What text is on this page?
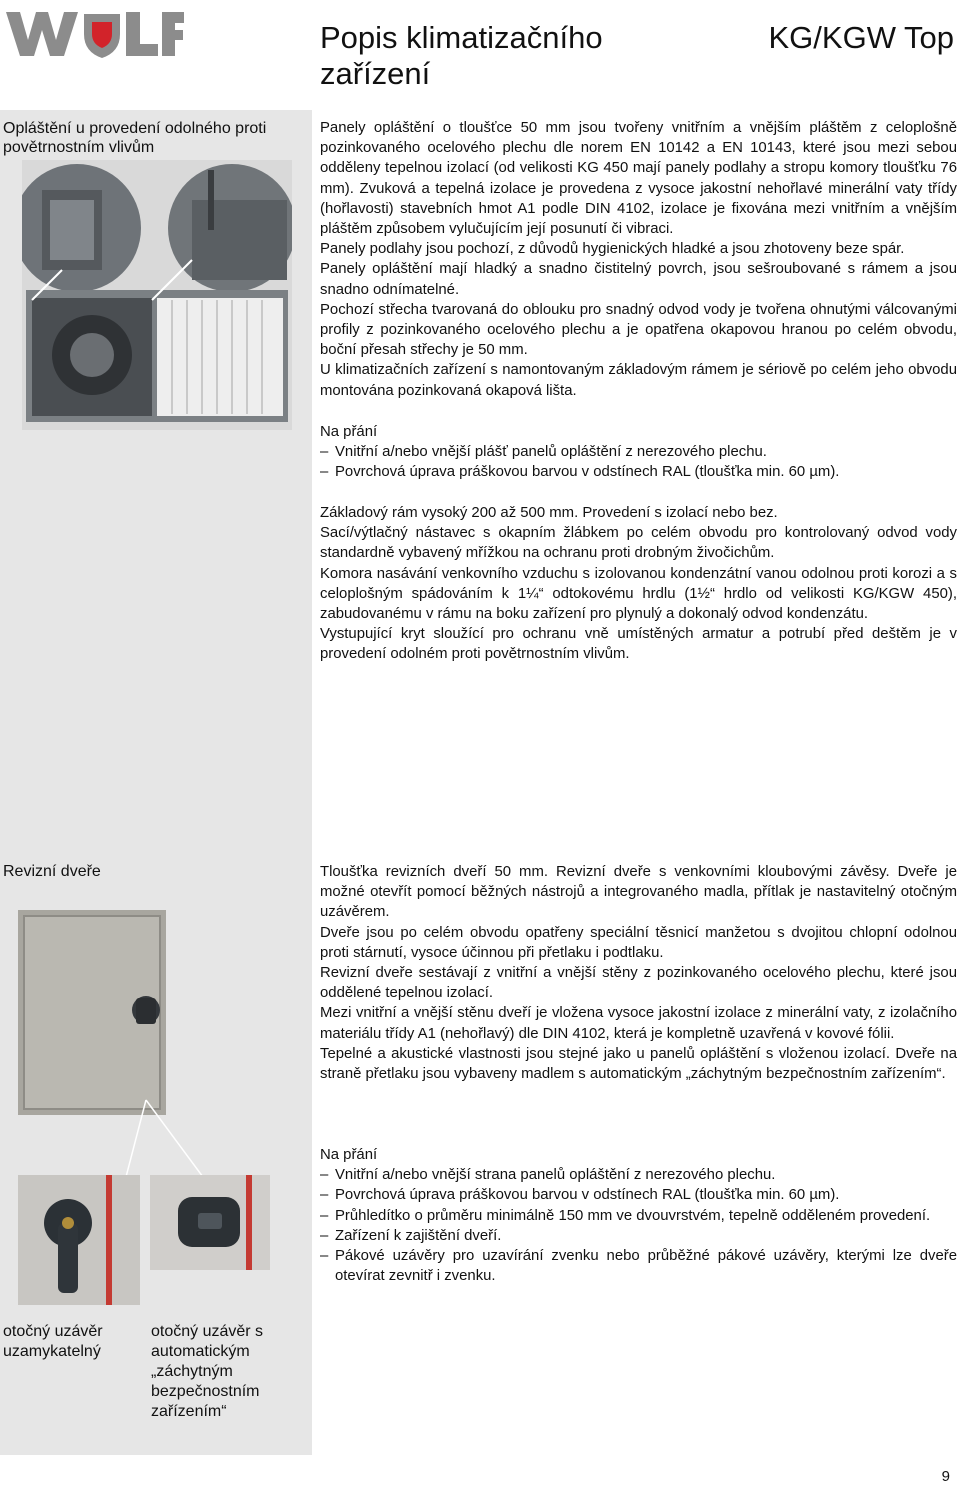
Popis klimatizačního zařízení
KG/KGW Top
Opláštění u provedení odolného proti povětrnostním vlivům
Revizní dveře
otočný uzávěr uzamykatelný
otočný uzávěr s automatickým „záchytným bezpečnostním zařízením“

Panely opláštění o tloušťce 50 mm jsou tvořeny vnitřním a vnějším pláštěm z celoplošně pozinkovaného ocelového plechu dle norem EN 10142 a EN 10143, které jsou mezi sebou odděleny tepelnou izolací (od velikosti KG 450 mají panely podlahy a stropu komory tloušťku 76 mm). Zvuková a tepelná izolace je provedena z vysoce jakostní nehořlavé minerální vaty třídy (hořlavosti) stavebních hmot A1 podle DIN 4102, izolace je fixována mezi vnitřním a vnějším pláštěm způsobem vylučujícím její posunutí či vibraci.

Panely podlahy jsou pochozí, z důvodů hygienických hladké a jsou zhotoveny beze spár.

Panely opláštění mají hladký a snadno čistitelný povrch, jsou sešroubované s rámem a jsou snadno odnímatelné.

Pochozí střecha tvarovaná do oblouku pro snadný odvod vody je tvořena ohnutými válcovanými profily z pozinkovaného ocelového plechu a je opatřena okapovou hranou po celém obvodu, boční přesah střechy je 50 mm.

U klimatizačních zařízení s namontovaným základovým rámem je sériově po celém jeho obvodu montována pozinkovaná okapová lišta.

Na přání
– Vnitřní a/nebo vnější plášť panelů opláštění z nerezového plechu.
– Povrchová úprava práškovou barvou v odstínech RAL (tloušťka min. 60 µm).

Základový rám vysoký 200 až 500 mm. Provedení s izolací nebo bez.

Sací/výtlačný nástavec s okapním žlábkem po celém obvodu pro kontrolovaný odvod vody standardně vybavený mřížkou na ochranu proti drobným živočichům.

Komora nasávání venkovního vzduchu s izolovanou kondenzátní vanou odolnou proti korozi a s celoplošným spádováním k 1¼“ odtokovému hrdlu (1½“ hrdlo od velikosti KG/KGW 450), zabudovanému v rámu na boku zařízení pro plynulý a dokonalý odvod kondenzátu.

Vystupující kryt sloužící pro ochranu vně umístěných armatur a potrubí před deštěm je v provedení odolném proti povětrnostním vlivům.

Tloušťka revizních dveří 50 mm. Revizní dveře s venkovními kloubovými závěsy. Dveře je možné otevřít pomocí běžných nástrojů a integrovaného madla, přítlak je nastavitelný otočným uzávěrem.

Dveře jsou po celém obvodu opatřeny speciální těsnicí manžetou s dvojitou chlopní odolnou proti stárnutí, vysoce účinnou při přetlaku i podtlaku.

Revizní dveře sestávají z vnitřní a vnější stěny z pozinkovaného ocelového plechu, které jsou oddělené tepelnou izolací.

Mezi vnitřní a vnější stěnu dveří je vložena vysoce jakostní izolace z minerální vaty, z izolačního materiálu třídy A1 (nehořlavý) dle DIN 4102, která je kompletně uzavřená v kovové fólii.

Tepelné a akustické vlastnosti jsou stejné jako u panelů opláštění s vloženou izolací. Dveře na straně přetlaku jsou vybaveny madlem s automatickým „záchytným bezpečnostním zařízením“.

Na přání
– Vnitřní a/nebo vnější strana panelů opláštění z nerezového plechu.
– Povrchová úprava práškovou barvou v odstínech RAL (tloušťka min. 60 µm).
– Průhledítko o průměru minimálně 150 mm ve dvouvrstvém, tepelně odděleném provedení.
– Zařízení k zajištění dveří.
– Pákové uzávěry pro uzavírání zvenku nebo průběžné pákové uzávěry, kterými lze dveře otevírat zevnitř i zvenku.
9
